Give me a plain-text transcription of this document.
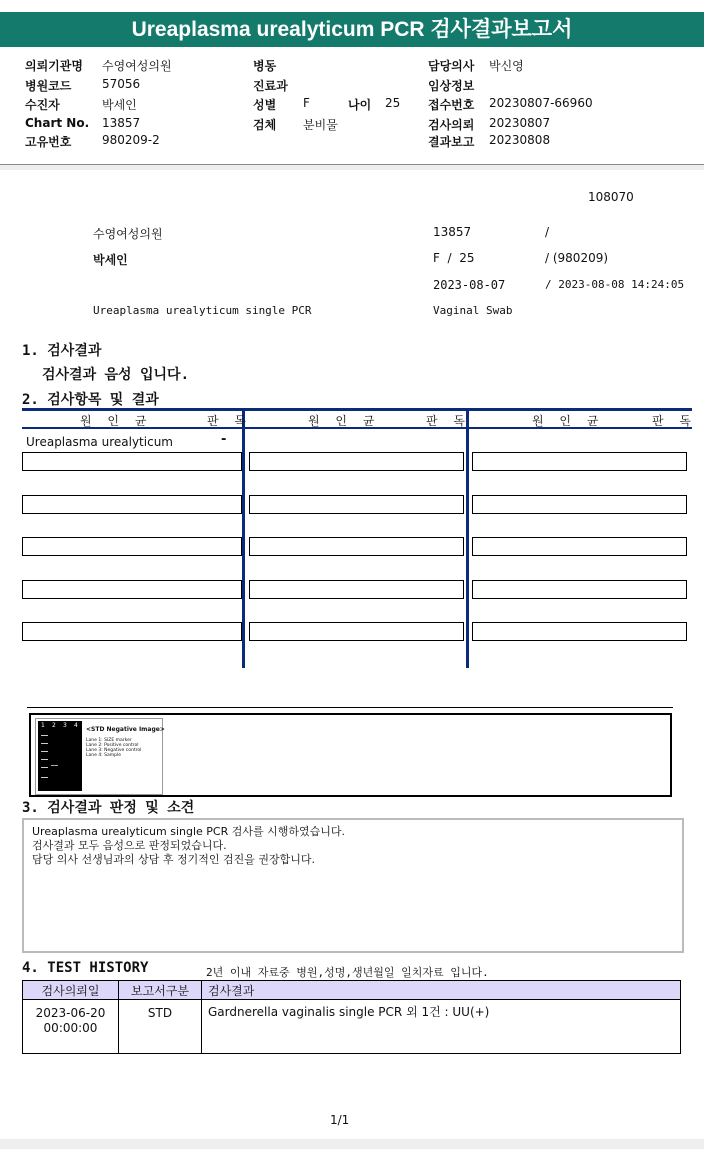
Ureaplasma urealyticum PCR 검사결과보고서
의뢰기관명 수영여성의원
병원코드	57056
수진자	박세인
Chart No. 13857
고유번호	980209-2
병동
진료과
성별 F	나이 25
검체 분비물
담당의사 박신영
임상정보
접수번호 20230807-66960
검사의뢰 20230807
결과보고 20230808
108070
수영여성의원	13857	/
박세인	F  /  25	/ (980209)
2023-08-07	/ 2023-08-08 14:24:05
Ureaplasma urealyticum single PCR	Vaginal Swab
1. 검사결과
검사결과 음성 입니다.
2. 검사항목 및 결과
원 인 균	판 독	원 인 균	판 독	원 인 균	판 독
Ureaplasma urealyticum	-
1 2 3 4
<STD Negative Image>
Lane 1: SIZE marker
Lane 2: Positive control
Lane 3: Negative control
Lane 4: Sample
3. 검사결과 판정 및 소견
Ureaplasma urealyticum single PCR 검사를 시행하였습니다.
검사결과 모두 음성으로 판정되었습니다.
담당 의사 선생님과의 상담 후 정기적인 검진을 권장합니다.
4. TEST HISTORY	2년 이내 자료중 병원,성명,생년월일 일치자료 입니다.
검사의뢰일	보고서구분	검사결과

2023-06-20
00:00:00	STD	Gardnerella vaginalis single PCR 외 1건 : UU(+)
1/1
